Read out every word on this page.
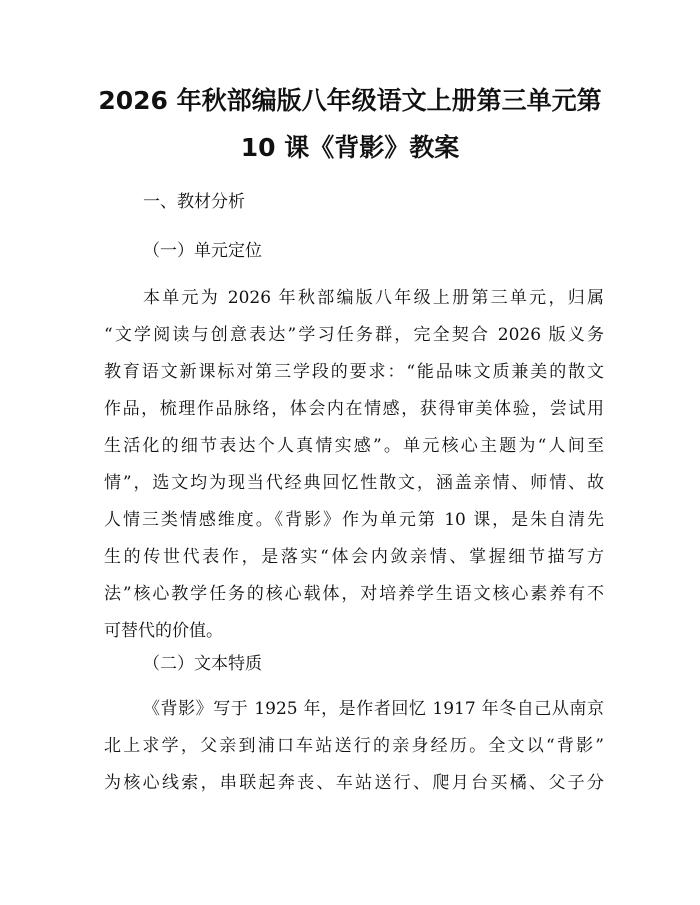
2026 年秋部编版八年级语文上册第三单元第
10 课《背影》教案

一、教材分析

（一）单元定位

本单元为 2026 年秋部编版八年级上册第三单元，归属
“文学阅读与创意表达”学习任务群，完全契合 2026 版义务
教育语文新课标对第三学段的要求：“能品味文质兼美的散文
作品，梳理作品脉络，体会内在情感，获得审美体验，尝试用
生活化的细节表达个人真情实感”。单元核心主题为“人间至
情”，选文均为现当代经典回忆性散文，涵盖亲情、师情、故
人情三类情感维度。《背影》作为单元第 10 课，是朱自清先
生的传世代表作，是落实“体会内敛亲情、掌握细节描写方
法”核心教学任务的核心载体，对培养学生语文核心素养有不
可替代的价值。

（二）文本特质

《背影》写于 1925 年，是作者回忆 1917 年冬自己从南京
北上求学，父亲到浦口车站送行的亲身经历。全文以“背影”
为核心线索，串联起奔丧、车站送行、爬月台买橘、父子分
